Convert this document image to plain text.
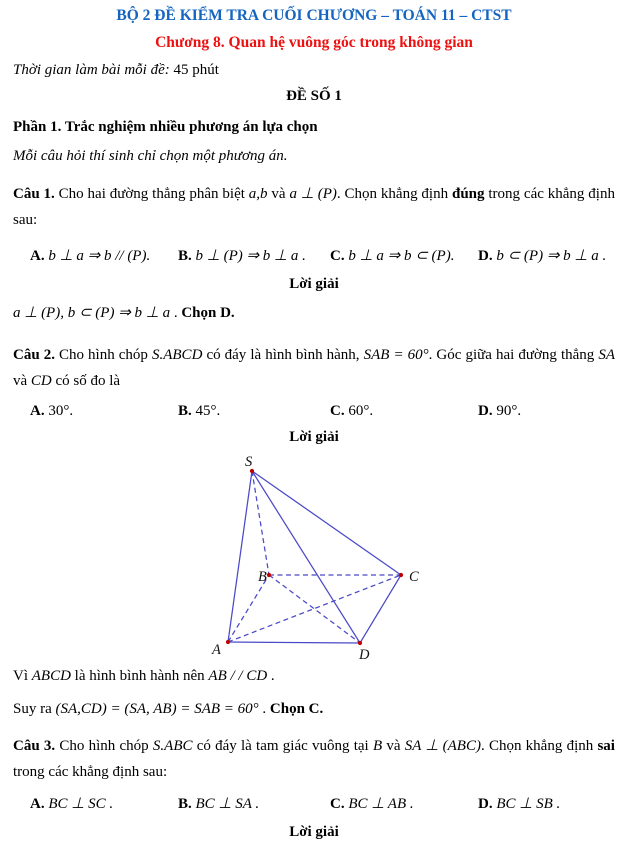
BỘ 2 ĐỀ KIỂM TRA CUỐI CHƯƠNG – TOÁN 11 – CTST
Chương 8. Quan hệ vuông góc trong không gian
Thời gian làm bài mỗi đề: 45 phút
ĐỀ SỐ 1
Phần 1. Trắc nghiệm nhiều phương án lựa chọn
Mỗi câu hỏi thí sinh chỉ chọn một phương án.
Câu 1. Cho hai đường thẳng phân biệt a,b và a ⊥ (P). Chọn khẳng định đúng trong các khẳng định sau:
A. b ⊥ a ⇒ b // (P).	B. b ⊥ (P) ⇒ b ⊥ a .	C. b ⊥ a ⇒ b ⊂ (P).	D. b ⊂ (P) ⇒ b ⊥ a .
Lời giải
a ⊥ (P), b ⊂ (P) ⇒ b ⊥ a . Chọn D.
Câu 2. Cho hình chóp S.ABCD có đáy là hình bình hành, SAB = 60°. Góc giữa hai đường thẳng SA và CD có số đo là
A. 30°.	B. 45°.	C. 60°.	D. 90°.
Lời giải
S
A
B	C
D
Vì ABCD là hình bình hành nên AB / / CD .
Suy ra (SA,CD) = (SA, AB) = SAB = 60° . Chọn C.
Câu 3. Cho hình chóp S.ABC có đáy là tam giác vuông tại B và SA ⊥ (ABC). Chọn khẳng định sai trong các khẳng định sau:
A. BC ⊥ SC .	B. BC ⊥ SA .	C. BC ⊥ AB .	D. BC ⊥ SB .
Lời giải
